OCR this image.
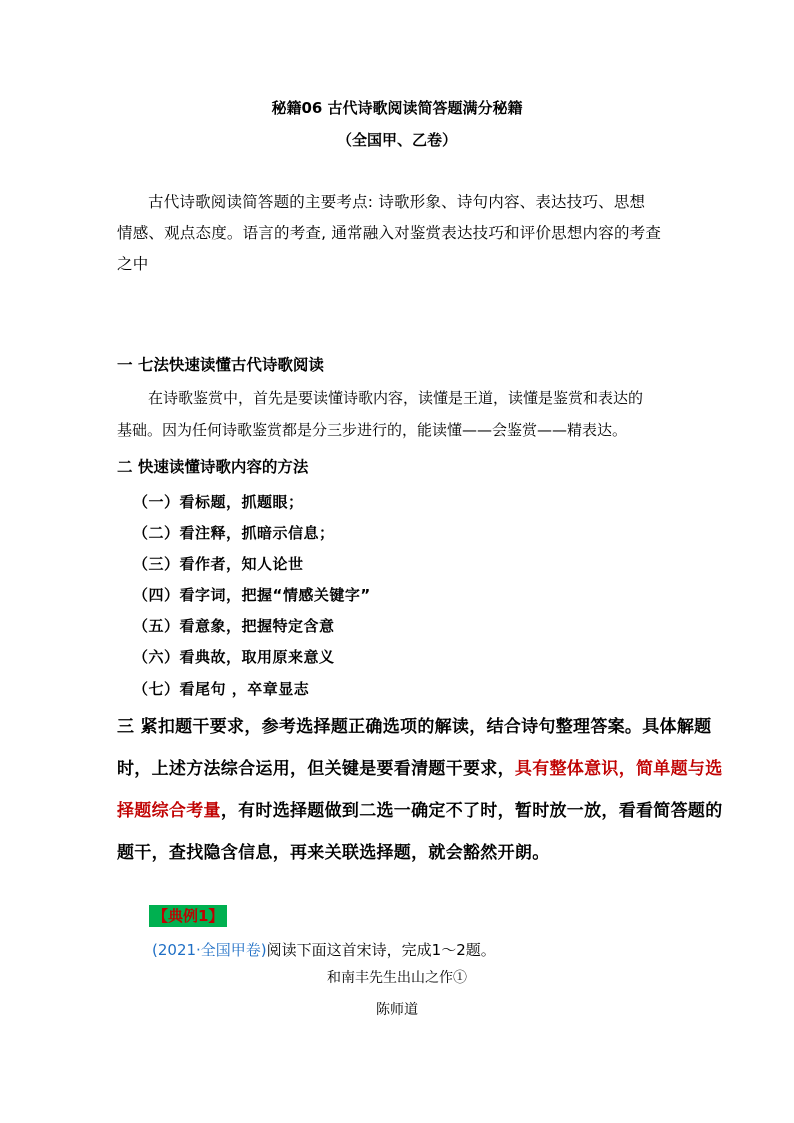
秘籍06 古代诗歌阅读简答题满分秘籍
（全国甲、乙卷）
古代诗歌阅读简答题的主要考点: 诗歌形象、诗句内容、表达技巧、思想
情感、观点态度。语言的考查, 通常融入对鉴赏表达技巧和评价思想内容的考查
之中
一 七法快速读懂古代诗歌阅读
在诗歌鉴赏中，首先是要读懂诗歌内容，读懂是王道，读懂是鉴赏和表达的
基础。因为任何诗歌鉴赏都是分三步进行的，能读懂——会鉴赏——精表达。
二 快速读懂诗歌内容的方法
（一）看标题，抓题眼；
（二）看注释，抓暗示信息；
（三）看作者，知人论世
（四）看字词，把握“情感关键字”
（五）看意象，把握特定含意
（六）看典故，取用原来意义
（七）看尾句 ，卒章显志
三 紧扣题干要求，参考选择题正确选项的解读，结合诗句整理答案。具体解题
时，上述方法综合运用，但关键是要看清题干要求，具有整体意识，简单题与选
择题综合考量，有时选择题做到二选一确定不了时，暂时放一放，看看简答题的
题干，查找隐含信息，再来关联选择题，就会豁然开朗。
【典例1】
(2021·全国甲卷)阅读下面这首宋诗，完成1～2题。
和南丰先生出山之作①
陈师道
